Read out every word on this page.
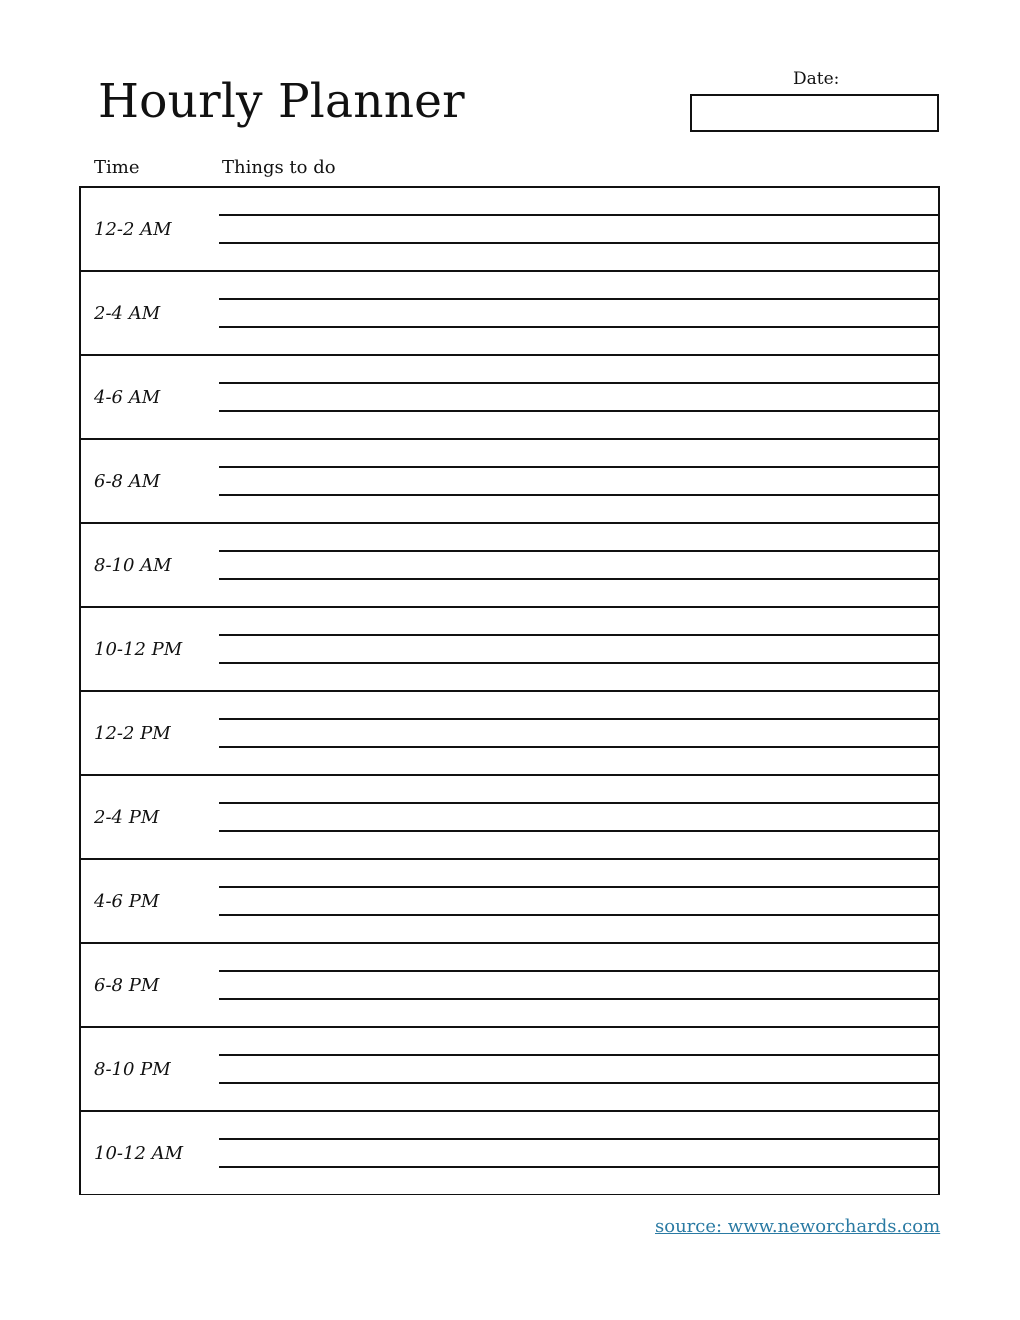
Hourly Planner	Date:
Time	Things to do
12-2 AM
2-4 AM
4-6 AM
6-8 AM
8-10 AM
10-12 PM
12-2 PM
2-4 PM
4-6 PM
6-8 PM
8-10 PM
10-12 AM
source: www.neworchards.com
